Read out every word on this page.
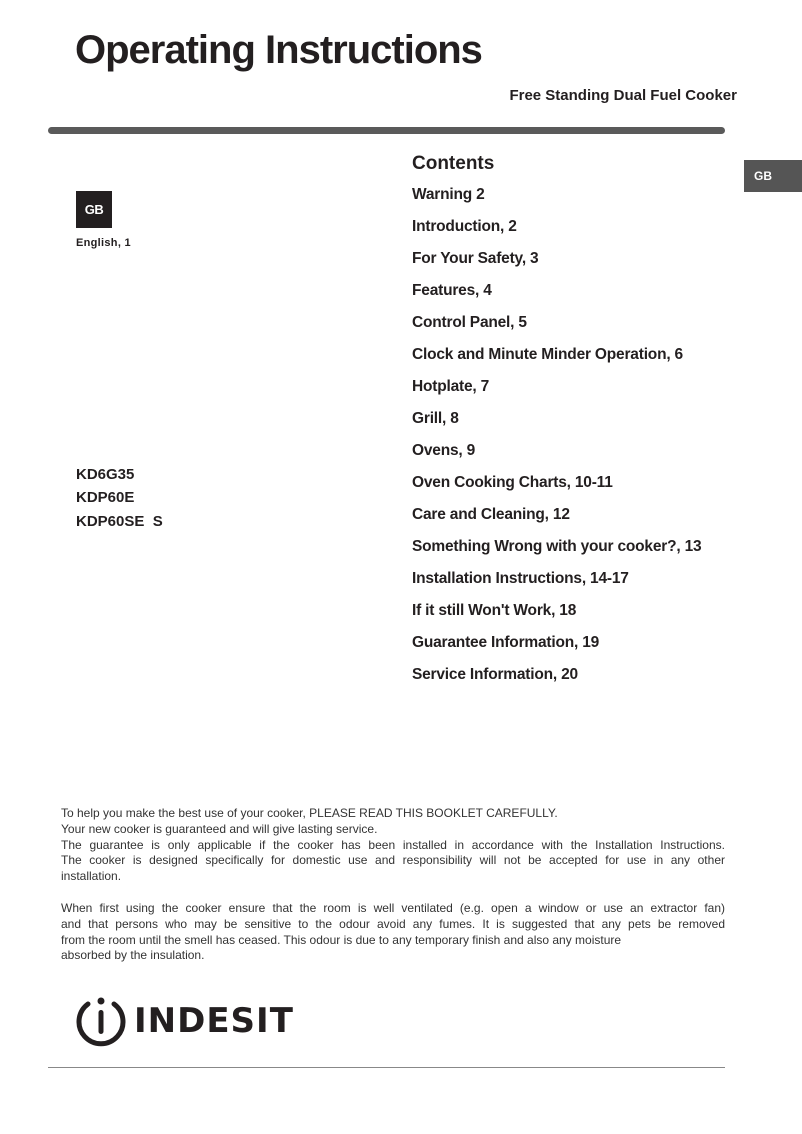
Operating Instructions
Free Standing Dual Fuel Cooker
GB
GB
English, 1
KD6G35
KDP60E
KDP60SE  S
Contents
Warning 2
Introduction, 2
For Your Safety, 3
Features, 4
Control Panel, 5
Clock and Minute Minder Operation, 6
Hotplate, 7
Grill, 8
Ovens, 9
Oven Cooking Charts, 10-11
Care and Cleaning, 12
Something Wrong with your cooker?, 13
Installation Instructions, 14-17
If it still Won't Work, 18
Guarantee Information, 19
Service Information, 20
To help you make the best use of your cooker, PLEASE READ THIS BOOKLET CAREFULLY.
Your new cooker is guaranteed and will give lasting service.
The guarantee is only applicable if the cooker has been installed in accordance with the Installation Instructions.
The cooker is designed specifically for domestic use and responsibility will not be accepted for use in any other
installation.
When first using the cooker ensure that the room is well ventilated (e.g. open a window or use an extractor fan)
and that persons who may be sensitive to the odour avoid any fumes. It is suggested that any pets be removed
from the room until the smell has ceased. This odour is due to any temporary finish and also any moisture
absorbed by the insulation.
INDESIT
